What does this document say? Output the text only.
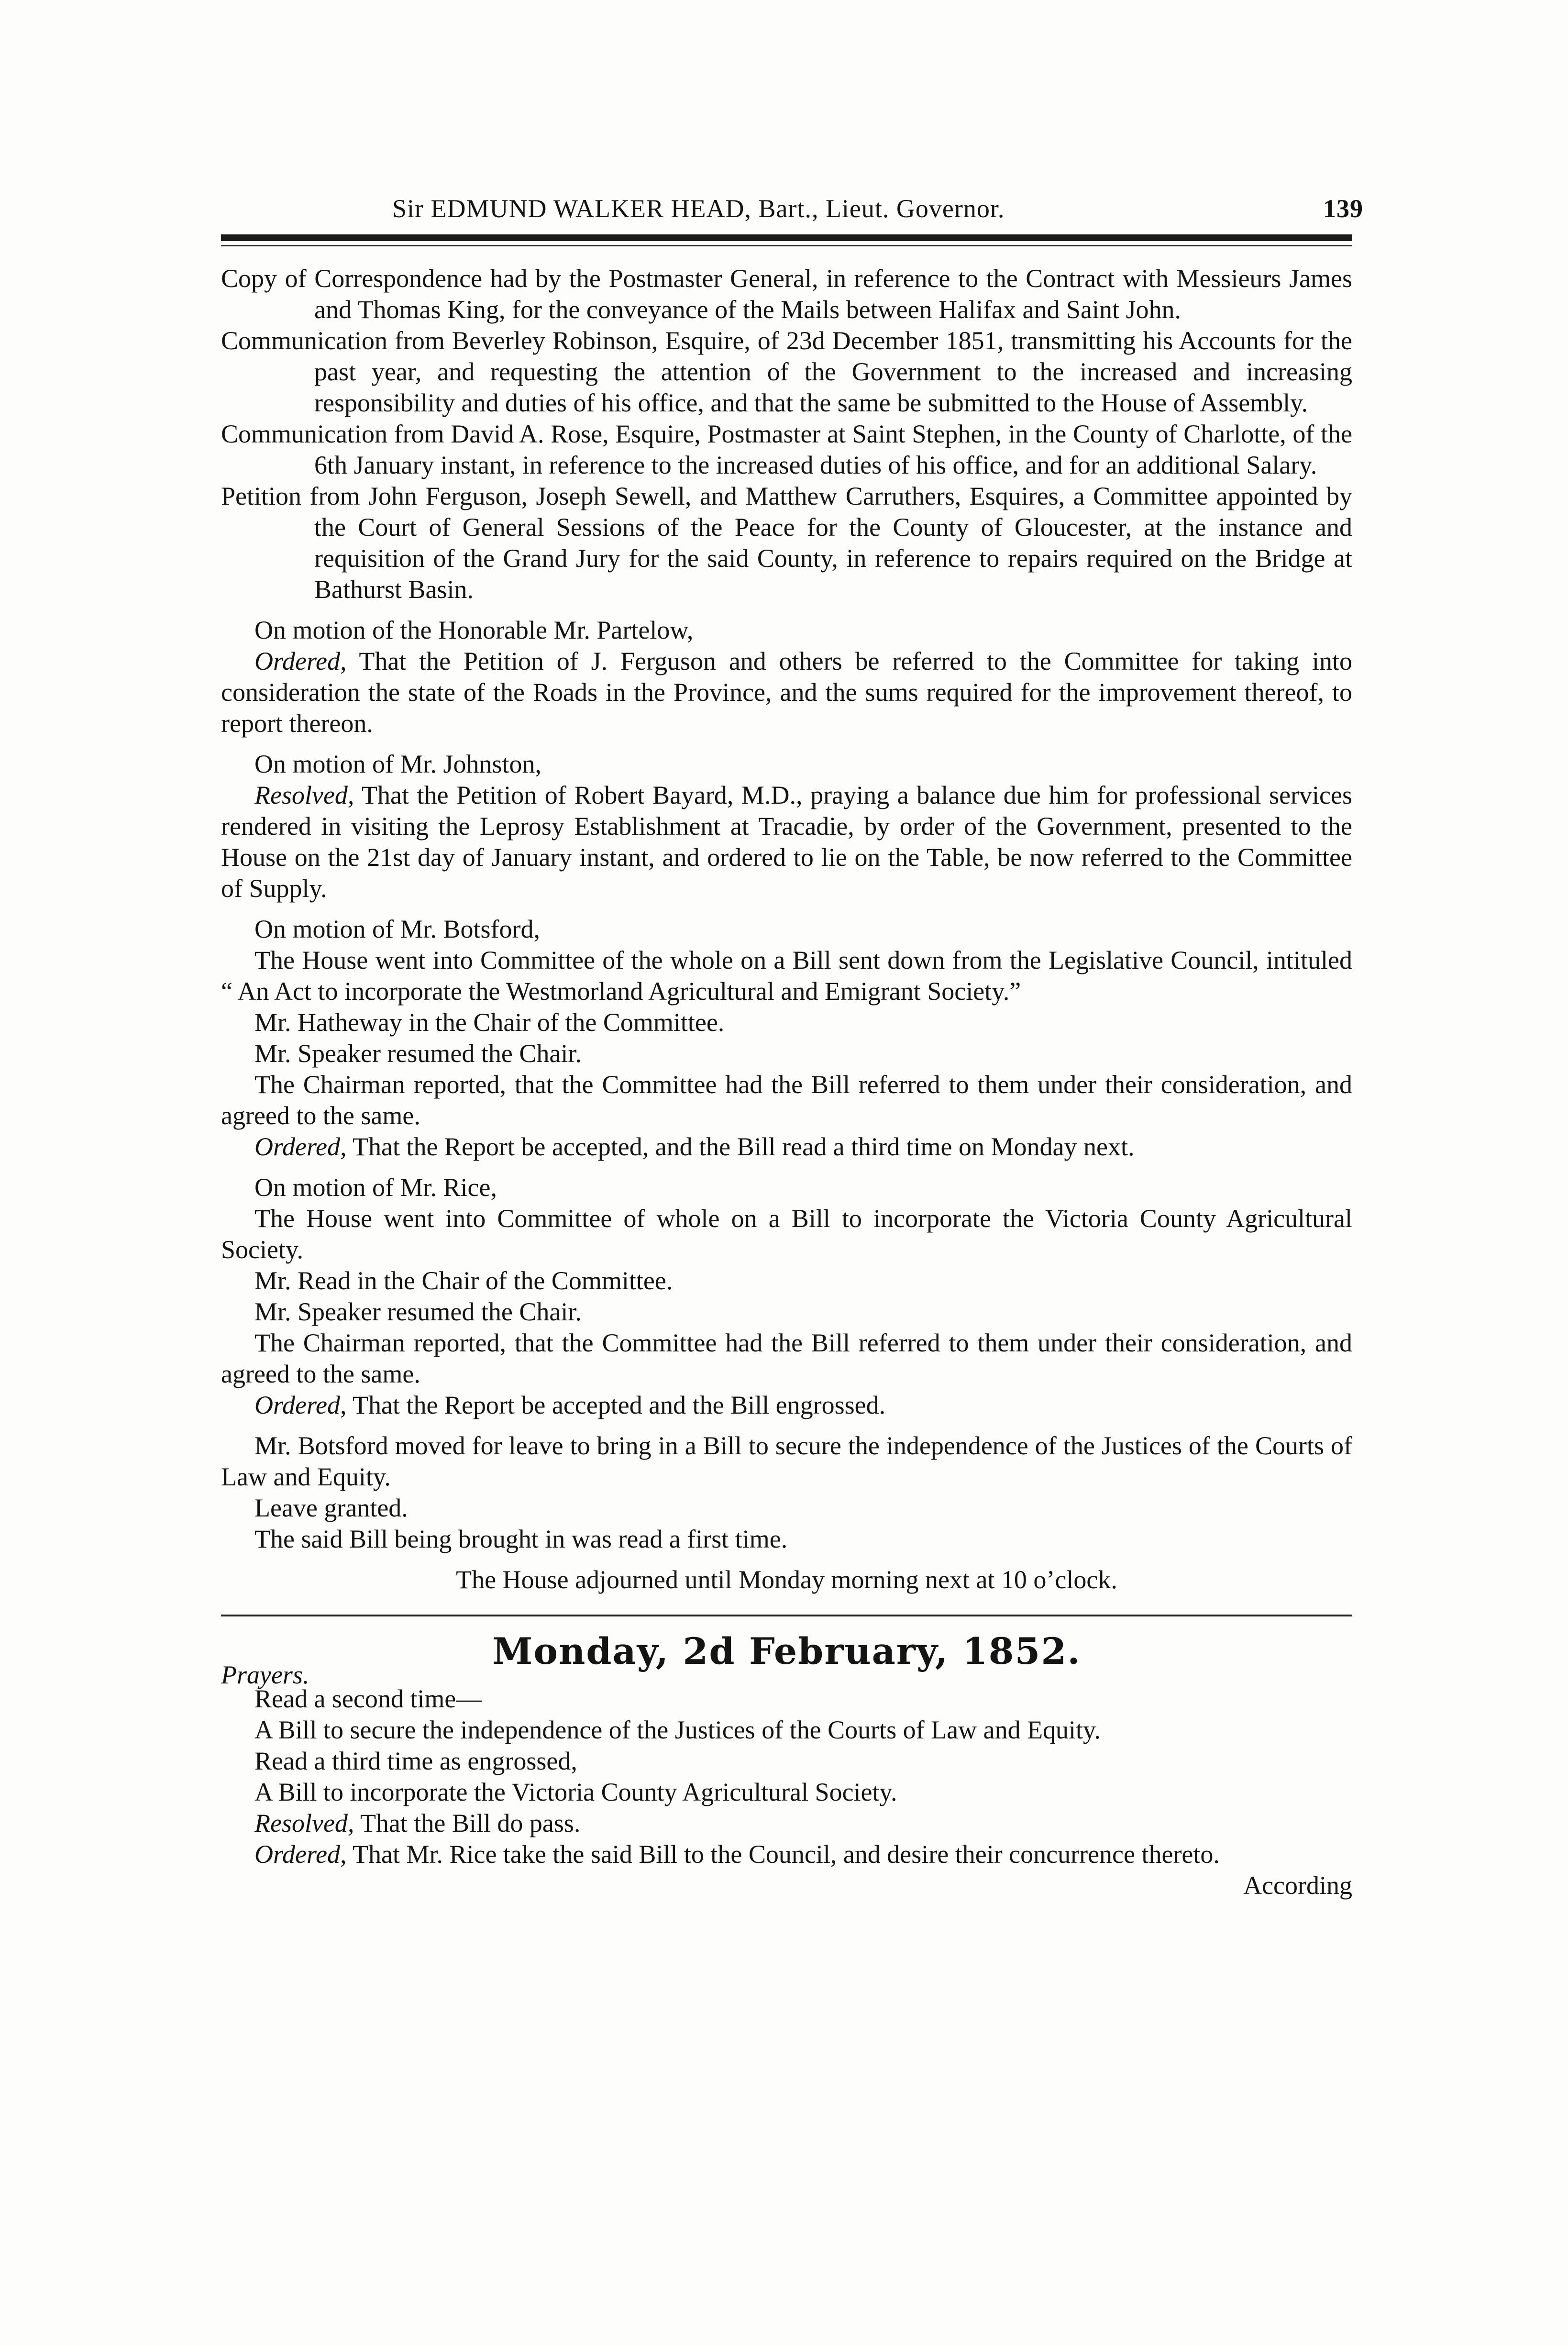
Sir EDMUND WALKER HEAD, Bart., Lieut. Governor.	139

Copy of Correspondence had by the Postmaster General, in reference to the Contract with Messieurs James and Thomas King, for the conveyance of the Mails between Halifax and Saint John.

Communication from Beverley Robinson, Esquire, of 23d December 1851, transmitting his Accounts for the past year, and requesting the attention of the Government to the increased and increasing responsibility and duties of his office, and that the same be submitted to the House of Assembly.

Communication from David A. Rose, Esquire, Postmaster at Saint Stephen, in the County of Charlotte, of the 6th January instant, in reference to the increased duties of his office, and for an additional Salary.

Petition from John Ferguson, Joseph Sewell, and Matthew Carruthers, Esquires, a Committee appointed by the Court of General Sessions of the Peace for the County of Gloucester, at the instance and requisition of the Grand Jury for the said County, in reference to repairs required on the Bridge at Bathurst Basin.

On motion of the Honorable Mr. Partelow,

Ordered, That the Petition of J. Ferguson and others be referred to the Committee for taking into consideration the state of the Roads in the Province, and the sums required for the improvement thereof, to report thereon.

On motion of Mr. Johnston,

Resolved, That the Petition of Robert Bayard, M.D., praying a balance due him for professional services rendered in visiting the Leprosy Establishment at Tracadie, by order of the Government, presented to the House on the 21st day of January instant, and ordered to lie on the Table, be now referred to the Committee of Supply.

On motion of Mr. Botsford,

The House went into Committee of the whole on a Bill sent down from the Legislative Council, intituled “ An Act to incorporate the Westmorland Agricultural and Emigrant Society.”

Mr. Hatheway in the Chair of the Committee.

Mr. Speaker resumed the Chair.

The Chairman reported, that the Committee had the Bill referred to them under their consideration, and agreed to the same.

Ordered, That the Report be accepted, and the Bill read a third time on Monday next.

On motion of Mr. Rice,

The House went into Committee of whole on a Bill to incorporate the Victoria County Agricultural Society.

Mr. Read in the Chair of the Committee.

Mr. Speaker resumed the Chair.

The Chairman reported, that the Committee had the Bill referred to them under their consideration, and agreed to the same.

Ordered, That the Report be accepted and the Bill engrossed.

Mr. Botsford moved for leave to bring in a Bill to secure the independence of the Justices of the Courts of Law and Equity.

Leave granted.

The said Bill being brought in was read a first time.

The House adjourned until Monday morning next at 10 o’clock.

Monday, 2d February, 1852.
Prayers.

Read a second time—

A Bill to secure the independence of the Justices of the Courts of Law and Equity.

Read a third time as engrossed,

A Bill to incorporate the Victoria County Agricultural Society.

Resolved, That the Bill do pass.

Ordered, That Mr. Rice take the said Bill to the Council, and desire their concurrence thereto.

According
